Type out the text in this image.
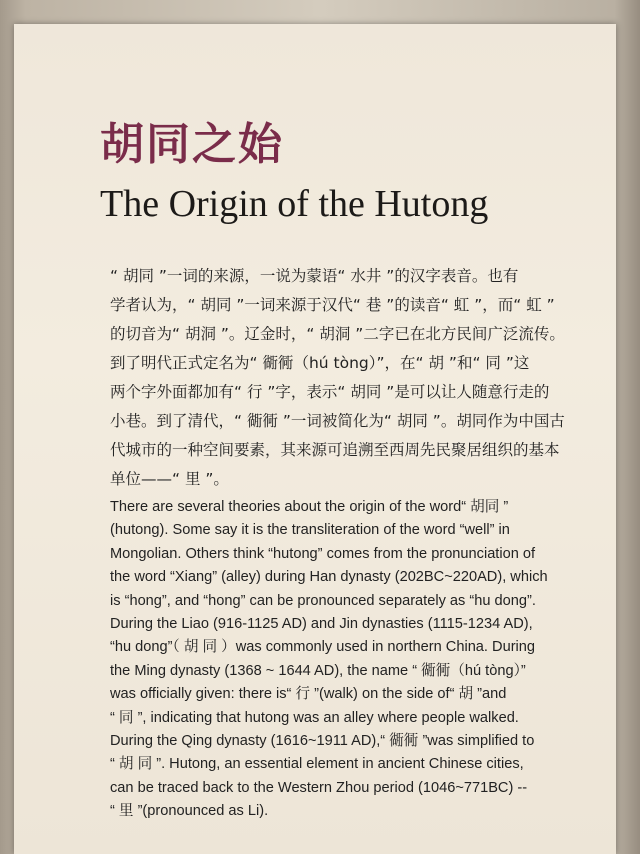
胡同之始
The Origin of the Hutong

“ 胡同 ”一词的来源，一说为蒙语“ 水井 ”的汉字表音。也有
学者认为，“ 胡同 ”一词来源于汉代“ 巷 ”的读音“ 虹 ”，而“ 虹 ”
的切音为“ 胡洞 ”。辽金时，“ 胡洞 ”二字已在北方民间广泛流传。
到了明代正式定名为“ 衚衕（hú tòng）”，在“ 胡 ”和“ 同 ”这
两个字外面都加有“ 行 ”字，表示“ 胡同 ”是可以让人随意行走的
小巷。到了清代，“ 衚衕 ”一词被简化为“ 胡同 ”。胡同作为中国古
代城市的一种空间要素，其来源可追溯至西周先民聚居组织的基本
单位——“ 里 ”。

There are several theories about the origin of the word“ 胡同 ”
(hutong). Some say it is the transliteration of the word “well” in
Mongolian. Others think “hutong” comes from the pronunciation of
the word “Xiang” (alley) during Han dynasty (202BC~220AD), which
is “hong”, and “hong” can be pronounced separately as “hu dong”.
During the Liao (916-1125 AD) and Jin dynasties (1115-1234 AD),
“hu dong”（ 胡 同 ）was commonly used in northern China. During
the Ming dynasty (1368 ~ 1644 AD), the name “ 衚衕（hú tòng）”
was officially given: there is“ 行 ”(walk) on the side of“ 胡 ”and
“ 同 ”, indicating that hutong was an alley where people walked.
During the Qing dynasty (1616~1911 AD),“ 衚衕 ”was simplified to
“ 胡 同 ”. Hutong, an essential element in ancient Chinese cities,
can be traced back to the Western Zhou period (1046~771BC) --
“ 里 ”(pronounced as Li).
